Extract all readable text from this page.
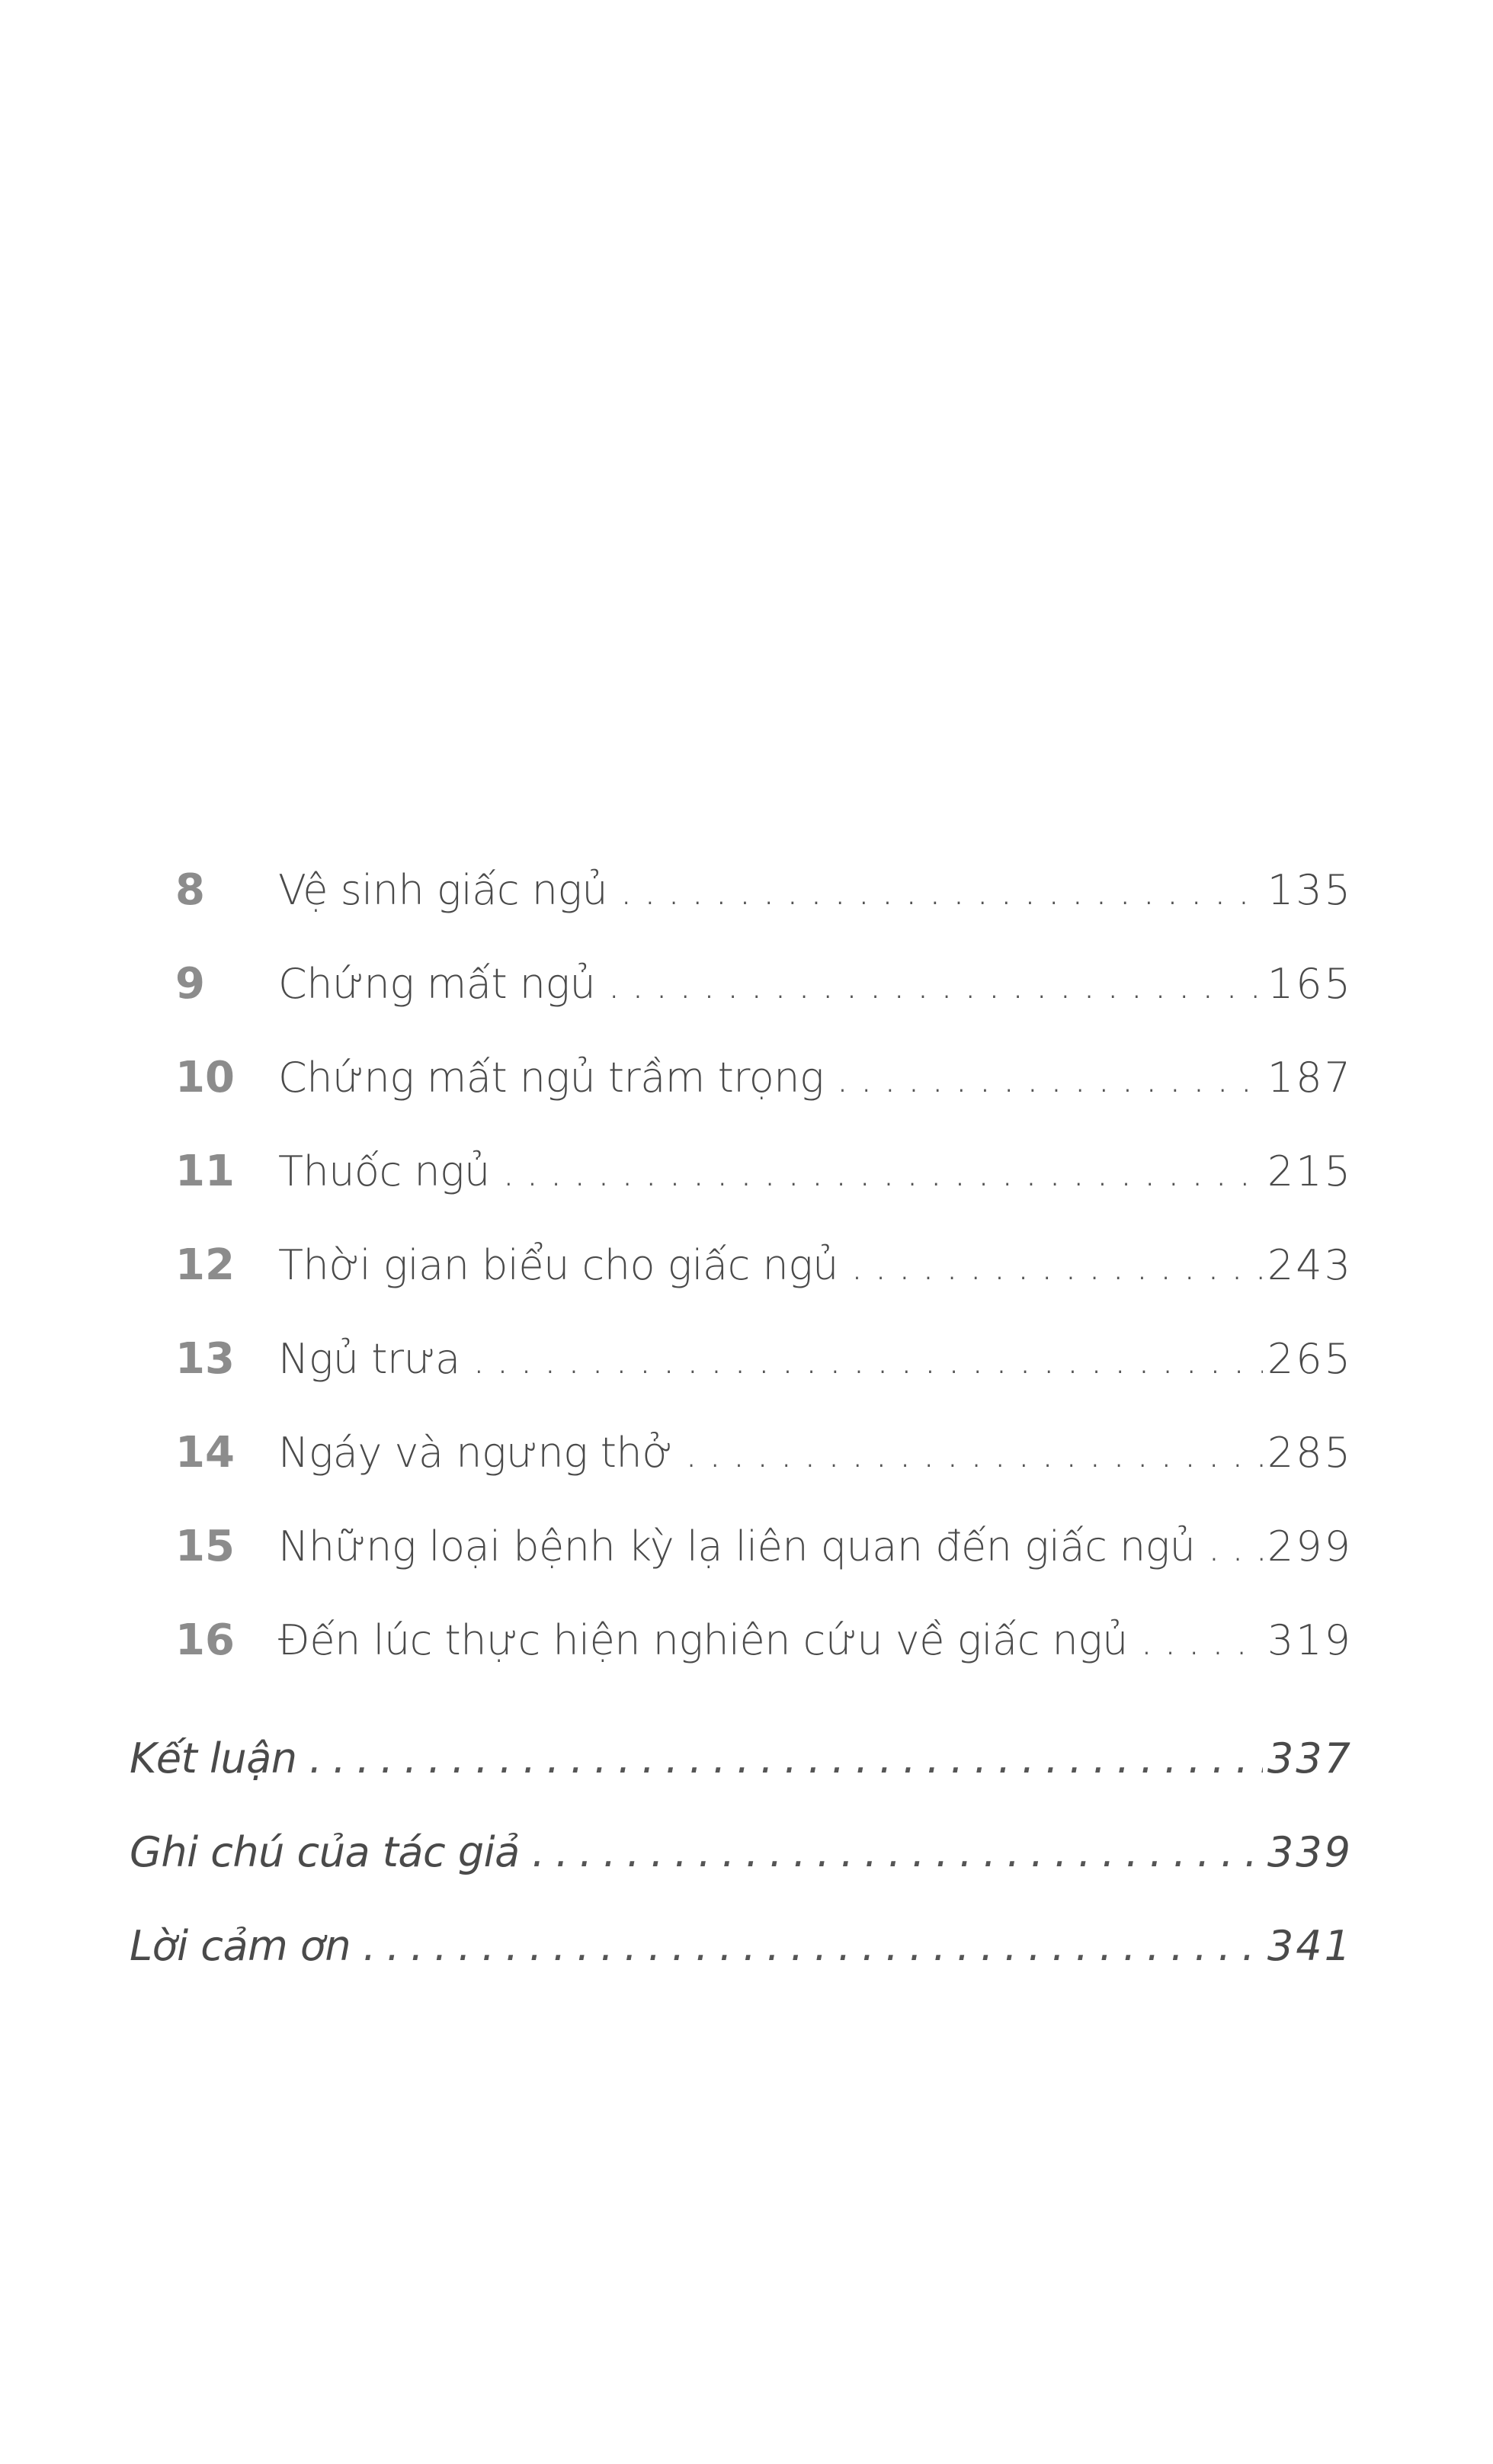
8	Vệ sinh giấc ngủ .....	135
9	Chứng mất ngủ .....	165
10	Chứng mất ngủ trầm trọng .....	187
11	Thuốc ngủ .....	215
12	Thời gian biểu cho giấc ngủ .....	243
13	Ngủ trưa .....	265
14	Ngáy và ngưng thở .....	285
15	Những loại bệnh kỳ lạ liên quan đến giấc ngủ ..... 299
16	Đến lúc thực hiện nghiên cứu về giấc ngủ .....	319
Kết luận .....	337
Ghi chú của tác giả .....	339
Lời cảm ơn .....	341
